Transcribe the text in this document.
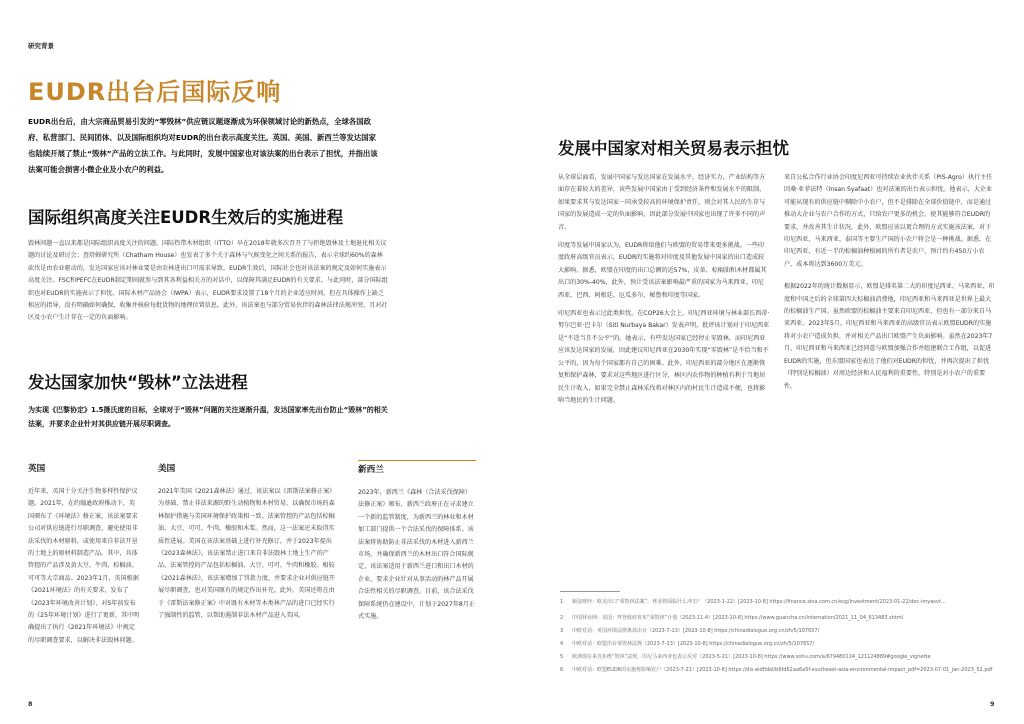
研究背景
EUDR出台后国际反响

EUDR出台后，由大宗商品贸易引发的“零毁林”供应链议题逐渐成为环保领域讨论的新热点，全球各国政府、私营部门、民间团体、以及国际组织均对EUDR的出台表示高度关注。英国、美国、新西兰等发达国家也陆续开展了禁止“毁林”产品的立法工作。与此同时，发展中国家也对该法案的出台表示了担忧，并指出该法案可能会损害小微企业及小农户的利益。

国际组织高度关注EUDR生效后的实施进程

毁林问题一直以来都是国际组织高度关注的问题。国际热带木材组织（ITTO）早在2018年就多次召开了与拒绝毁林及土地退化相关议题的讨论及研讨会；查塔姆研究所（Chatham House）也发表了多个关于森林与气候变化之间关系的报告，表示全球约60%的森林砍伐是由农业驱动的，发达国家应该对林业要是由农林进出口可需求导致。EUDR生效后，国际社会也对该法案的规定及如何实施表示高度关注。FSC和PEFC在EUDR制定期间就参与到其各利益相关方的对话中，以保障其满足EUDR的有关要求。与此同时，部分国际组织也对EUDR的实施表示了担忧。国际木材产品协会（IWPA）表示，EUDR要求设置了18个月的企业适应时间，但在具体操作上缺乏相应的指导，没有明确如何确保、收集并核验每批货物的地理位置信息。此外，该法案也与部分贸易伙伴的森林法律法规冲突，且对社区及小农户生计存在一定的负面影响。

发达国家加快“毁林”立法进程

为实现《巴黎协定》1.5摄氏度的目标，全球对于“毁林”问题的关注逐渐升温，发达国家率先出台防止“毁林”的相关法案，并要求企业针对其供应链开展尽职调查。

英国

近年来，英国十分关注生物多样性保护议题。2021年，在约翰逊政府推动下，英国颁布了《环境法》修正案，该法案要求公司对供应链进行尽职调查，避免使用非法采伐的木材原料，或使用来自非法开垦的土地上的原材料制造产品。其中，具体管控的产品涉及黄大豆、牛肉、棕榈油、可可等大宗商品。2023年1月，英国根据《2021环境法》的有关要求，发布了《2023年环境改善计划》，对5年前发布的《25年环境计划》进行了更新，其中明确提出了执行《2021年环境法》中规定的尽职调查要求，以解决非法毁林问题。

美国

2021年美国《2021森林法》通过，该法案以《雷斯法案修正案》为基础，禁止非法来源的野生动植物和木材贸易，以确保市场的森林保护措施与美国环境保护政策相一致。法案管控的产品包括棕榈油、大豆、可可、牛肉、橡胶和木浆。然而，这一法案还未取得实质性进展。美国在该法案基础上进行补充修订，并于2023年提出《2023森林法》。该法案禁止进口来自非法毁林土地上生产的产品，法案管控的产品包括棕榈油、大豆、可可、牛肉和橡胶。相较《2021森林法》，该法案增加了罚款力度，并要求企业对供应链开展尽职调查，也对美国原有的规定作出补充。此外，美国还将在由于《雷斯法案修正案》中对既有木材等木类林产品的进口已经实行了强制性的监管，以帮助遏制非法木材产品进入美国。

新西兰

2023年，新西兰《森林（合法采伐保障）法修正案》颁布，新西兰政府正在寻求建立一个新的监管制度，为新西兰的林业和木材加工部门提供一个合法采伐的保障体系。该法案将协助防止非法采伐的木材进入新西兰市场，并确保新西兰的木材出口符合国际规定，该法案适用于新西兰进口和出口木材的企业，要求企业针对从事活动的林产品开展合法性相关的尽职调查。目前，该合法采伐保障系统仍在建设中，计划于2027年8月正式实施。

8
发展中国家对相关贸易表示担忧

从全球层面看，发展中国家与发达国家在发展水平、经济实力、产业结构等方面存在着较大的差异，该些发展中国家由于受到经济条件和发展水平的限制，如果要求其与发达国家一同承受较高的环境保护责任，则会对其人民的生存与国家的发展造成一定的负面影响，因此部分发展中国家也出现了许多不同的声音。

印度等发展中国家认为，EUDR将给他们与欧盟的贸易带来更多挑战。一些印度政府高级官员表示，EUDR的实施将对印度及其他发展中国家的出口造成较大影响。据悉，欧盟在印度的出口总额的近57%，皮革、棕榈油和木材都属其出口的30%-40%，此外，预计受该法案影响最严重的国家为马来西亚、印尼西亚、巴西、阿根廷、厄瓜多尔、秘鲁和印度等国家。

印尼西亚也表示过此类担忧。在COP26大会上，印尼西亚环境与林业部长西蒂·努尔巴亚·巴卡尔（Siti Nurbaya Bakar）发表声明，批评该计划对于印尼西亚是“不适当且不公平”的。她表示，有些发达国家已经停止零毁林，而印尼西亚应该发达国家的发展，因此建议印尼西亚在2030年实现“零毁林”是不恰当和不公平的，因为每个国家都有自己的困难。此外，印尼西亚的部分地区在逐渐恢复和保护森林，要求对这些地区进行区分，林区内农作物的种植有利于当地居民生计收入，如果完全禁止森林采伐将对林区内的村民生计造成不便，也将影响当地民的生计问题。

来自公私合作行业协会印度尼西亚可持续农业伙伴关系（PIS-Agro）执行主任因桑·亚菲法特（Insan Syafaat）也对法案的出台表示担忧。他表示，大企业可能从现有的供应链中剔除中小农户，但不是排除在全球价值链中，而是通过推动大企业与农户合作的方式，只给农户更多的机会，使其能够符合EUDR的要求，并改善其生计状况。此外，欧盟应该以更合理的方式实施该法案，对于印尼西亚、马来西亚、泰国等主要生产国的小农户将会是一种挑战。据悉，在印尼西亚，有近一半的棕榈油种植园的所有者是农户，预计约有450万小农户、成本将达到3600万美元。

根据2022年的统计数据显示，欧盟是排名第二大的印度尼西亚、马来西亚、印度和中国之后的全球第四大棕榈油消费地，印尼西亚和马来西亚是世界上最大的棕榈油生产国。虽然欧盟的棕榈油主要来自印尼西亚，但也有一部分来自马来西亚。2023年5月，印尼西亚和马来西亚的高级官员表示欧盟EUDR的实施将对小农户造成负担，并对相关产品出口欧盟产生负面影响。虽然在2023年7月，印尼西亚和马来西亚已经同意与欧盟加强合作并组建联合工作组，以促进EUDR的实施，但东盟国家也表达了他们对EUDR的担忧，并再次提出了担忧（特别是棕榈油）对周边经济和人民福利的重要性，特别是对小农户的重要性。

9
1 新浪财经：欧美出口“零毁林法案”，林业将面临什么冲击？（2023-1-22）[2023-10-8] https://finance.sina.com.cn/esg/investment/2023-01-22/doc-imyasvt...
2 中国林业网：美国：拜登政府发布“零毁林”计划（2023-11-4）[2023-10-8] https://www.guancha.cn/internation/2021_11_04_613483.shtml
3 中欧对话：英国环境法律条款出台（2023-7-13）[2023-10-8] https://chinadialogue.org.cn/zh/5/107657/
4 中欧对话：欧盟出台零毁林法规（2023-7-13）[2023-10-8] https://chinadialogue.org.cn/zh/5/107657/
5 欧洲现在来自拒绝“毁林”法规，印尼马来西亚也表示反对（2023-5-21）[2023-10-8] https://www.sohu.com/a/679480124_121124889#google_vignette
6 中欧对话：欧盟EUDR的实施将影响农户（2023-7-21）[2023-10-8] https://dis.eidfidol/b6fd62aa6a5f-southeast-asia-environmental-impact_pdf=2023-07-01_jan-2023_52.pdf
